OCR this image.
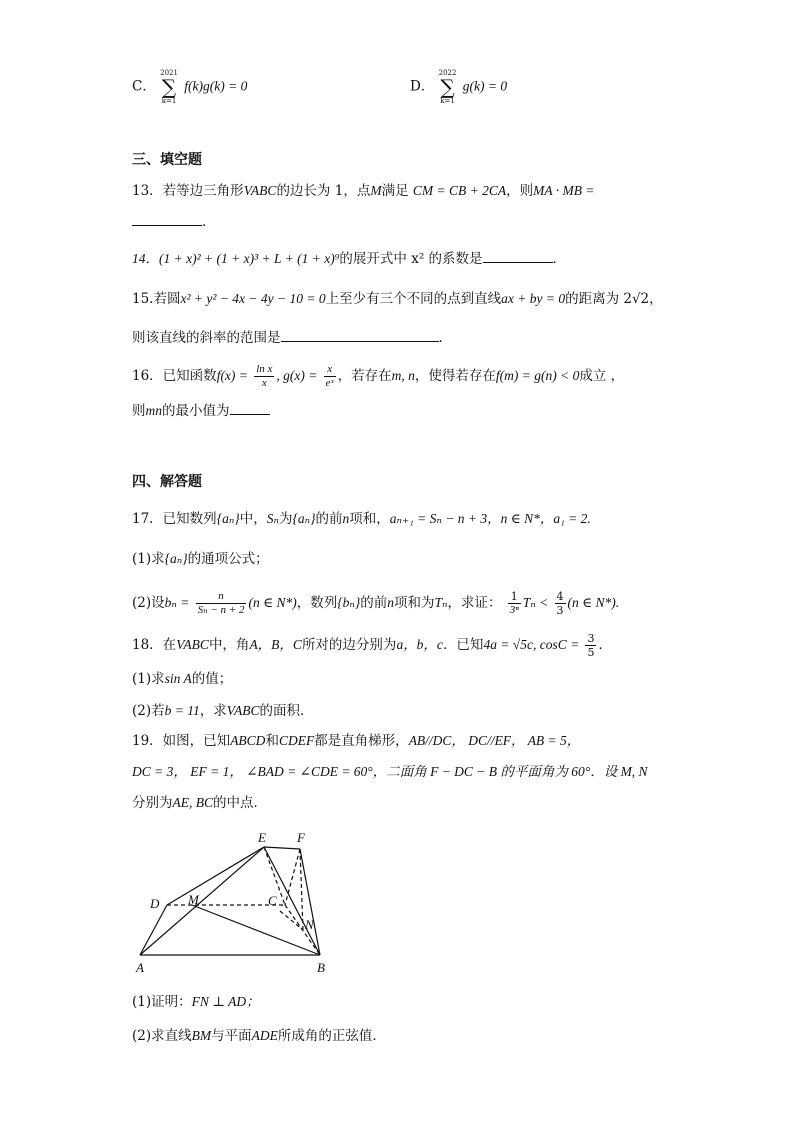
C．
2021
∑
k=1
f(k)g(k) = 0	D．
2022
∑
k=1
g(k) = 0
三、填空题
13．若等边三角形VABC的边长为 1，点M满足 CM = CB + 2CA，则MA · MB =
．
14．(1 + x)² + (1 + x)³ + L + (1 + x)⁹的展开式中 x² 的系数是	．
15.若圆x² + y² − 4x − 4y − 10 = 0上至少有三个不同的点到直线ax + by = 0的距离为 2√2，
则该直线的斜率的范围是	．
16．已知函数$f(x) = \frac{\text{ln x}}{x}$ , $g(x) = \frac{x}{\text{eˣ}}$ ，若存在m, n，使得若存在f(m) = g(n) < 0成立 ，
则mn的最小值为
四、解答题
17．已知数列{aₙ}中，Sₙ为{aₙ}的前n项和，aₙ₊₁ = Sₙ − n + 3，n ∈ N*，a₁ = 2.
(1)求{aₙ}的通项公式；
(2)设$b_n = \frac{n}{\text{Sₙ − n + 2}} (n$ ∈ N*)，数列{bₙ}的前n项和为Tₙ，求证： $\frac{1}{\text{3ⁿ}}$ $T_n < \frac{4}{3} (n$ ∈ N*).
18．在VABC中，角A，B，C所对的边分别为a，b，c．已知4a = √5c, $\cos C = \frac{3}{5}$ ．
(1)求sin A的值；
(2)若b = 11，求VABC的面积．
19．如图，已知ABCD和CDEF都是直角梯形，AB//DC， DC//EF， AB = 5，
DC = 3， EF = 1， ∠BAD = ∠CDE = 60°，二面角 F − DC − B 的平面角为 60°．设 M, N
分别为AE, BC的中点．
E F
D M	C
N
A	B
(1)证明：FN ⊥ AD；
(2)求直线BM与平面ADE所成角的正弦值．
